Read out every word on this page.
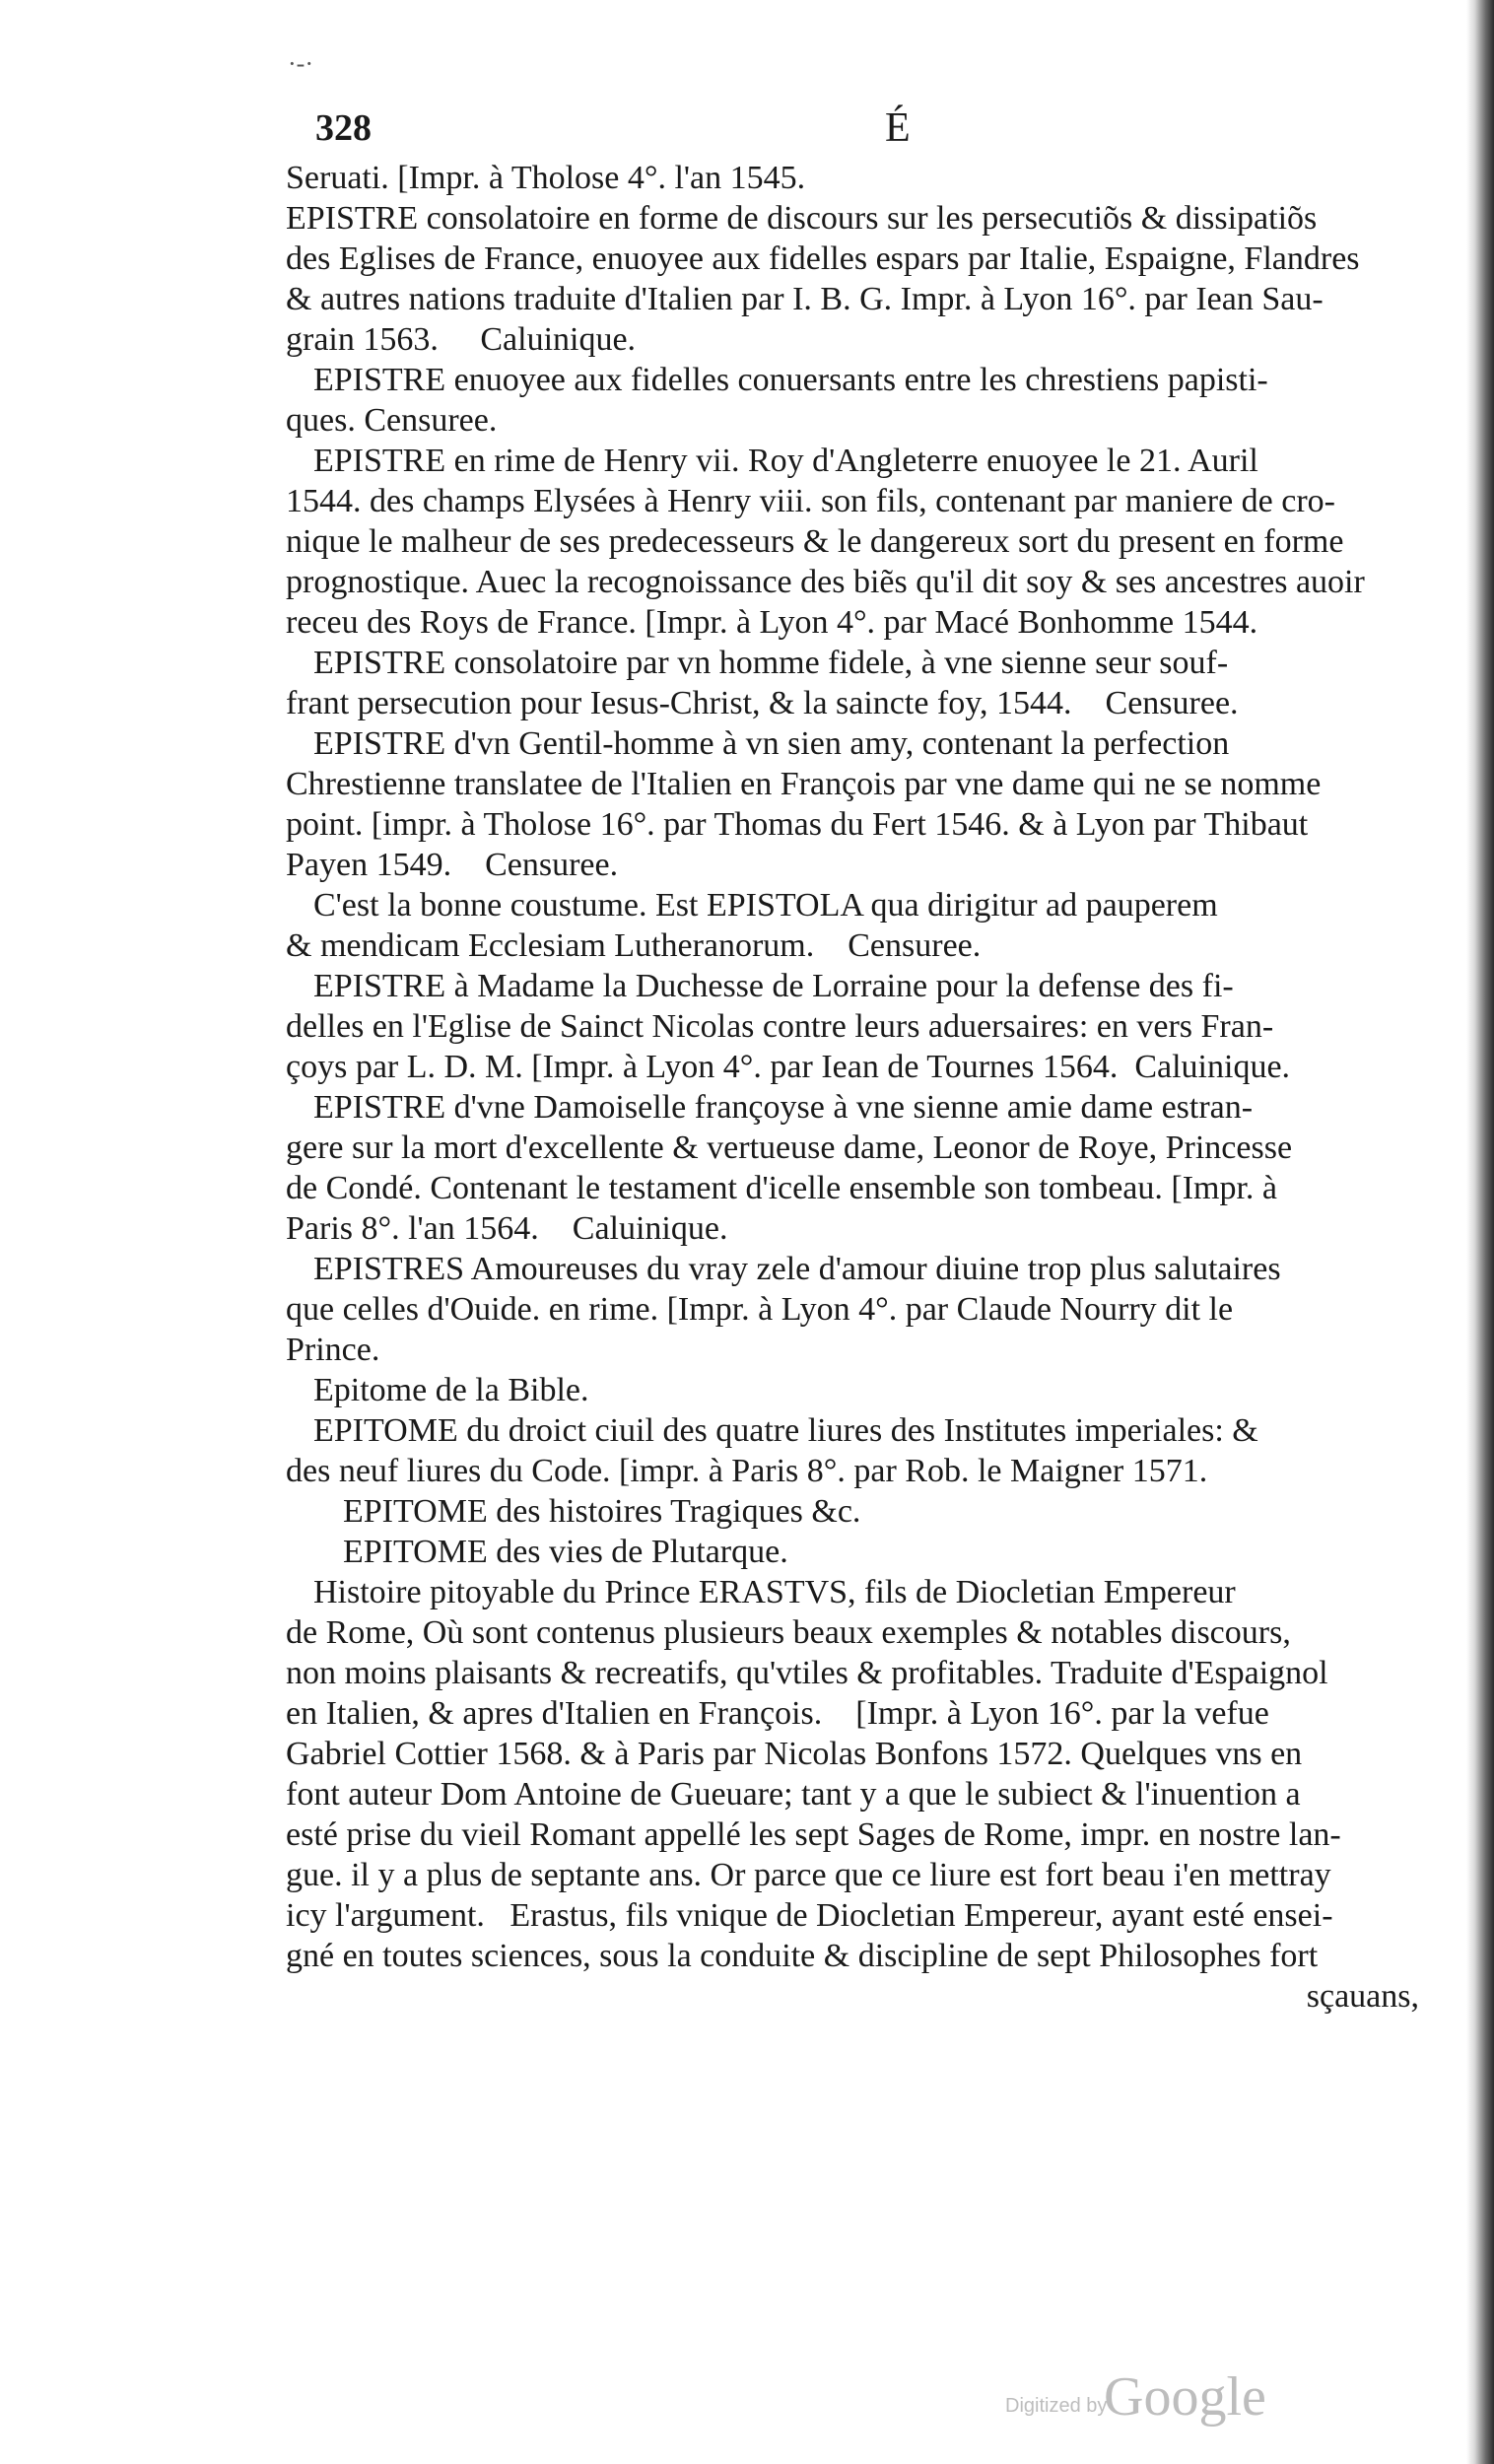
·-·
328	É
Seruati. [Impr. à Tholose 4°. l'an 1545.
EPISTRE consolatoire en forme de discours sur les persecutiõs & dissipatiõs
des Eglises de France, enuoyee aux fidelles espars par Italie, Espaigne, Flandres
& autres nations traduite d'Italien par I. B. G. Impr. à Lyon 16°. par Iean Sau-
grain 1563.     Caluinique.
EPISTRE enuoyee aux fidelles conuersants entre les chrestiens papisti-
ques. Censuree.
EPISTRE en rime de Henry vii. Roy d'Angleterre enuoyee le 21. Auril
1544. des champs Elysées à Henry viii. son fils, contenant par maniere de cro-
nique le malheur de ses predecesseurs & le dangereux sort du present en forme
prognostique. Auec la recognoissance des biẽs qu'il dit soy & ses ancestres auoir
receu des Roys de France. [Impr. à Lyon 4°. par Macé Bonhomme 1544.
EPISTRE consolatoire par vn homme fidele, à vne sienne seur souf-
frant persecution pour Iesus-Christ, & la saincte foy, 1544.    Censuree.
EPISTRE d'vn Gentil-homme à vn sien amy, contenant la perfection
Chrestienne translatee de l'Italien en François par vne dame qui ne se nomme
point. [impr. à Tholose 16°. par Thomas du Fert 1546. & à Lyon par Thibaut
Payen 1549.    Censuree.
C'est la bonne coustume. Est EPISTOLA qua dirigitur ad pauperem
& mendicam Ecclesiam Lutheranorum.    Censuree.
EPISTRE à Madame la Duchesse de Lorraine pour la defense des fi-
delles en l'Eglise de Sainct Nicolas contre leurs aduersaires: en vers Fran-
çoys par L. D. M. [Impr. à Lyon 4°. par Iean de Tournes 1564.  Caluinique.
EPISTRE d'vne Damoiselle françoyse à vne sienne amie dame estran-
gere sur la mort d'excellente & vertueuse dame, Leonor de Roye, Princesse
de Condé. Contenant le testament d'icelle ensemble son tombeau. [Impr. à
Paris 8°. l'an 1564.    Caluinique.
EPISTRES Amoureuses du vray zele d'amour diuine trop plus salutaires
que celles d'Ouide. en rime. [Impr. à Lyon 4°. par Claude Nourry dit le
Prince.
Epitome de la Bible.
EPITOME du droict ciuil des quatre liures des Institutes imperiales: &
des neuf liures du Code. [impr. à Paris 8°. par Rob. le Maigner 1571.
EPITOME des histoires Tragiques &c.
EPITOME des vies de Plutarque.
Histoire pitoyable du Prince ERASTVS, fils de Diocletian Empereur
de Rome, Où sont contenus plusieurs beaux exemples & notables discours,
non moins plaisants & recreatifs, qu'vtiles & profitables. Traduite d'Espaignol
en Italien, & apres d'Italien en François.    [Impr. à Lyon 16°. par la vefue
Gabriel Cottier 1568. & à Paris par Nicolas Bonfons 1572. Quelques vns en
font auteur Dom Antoine de Gueuare; tant y a que le subiect & l'inuention a
esté prise du vieil Romant appellé les sept Sages de Rome, impr. en nostre lan-
gue. il y a plus de septante ans. Or parce que ce liure est fort beau i'en mettray
icy l'argument.   Erastus, fils vnique de Diocletian Empereur, ayant esté ensei-
gné en toutes sciences, sous la conduite & discipline de sept Philosophes fort
sçauans,
Digitized by
Google
